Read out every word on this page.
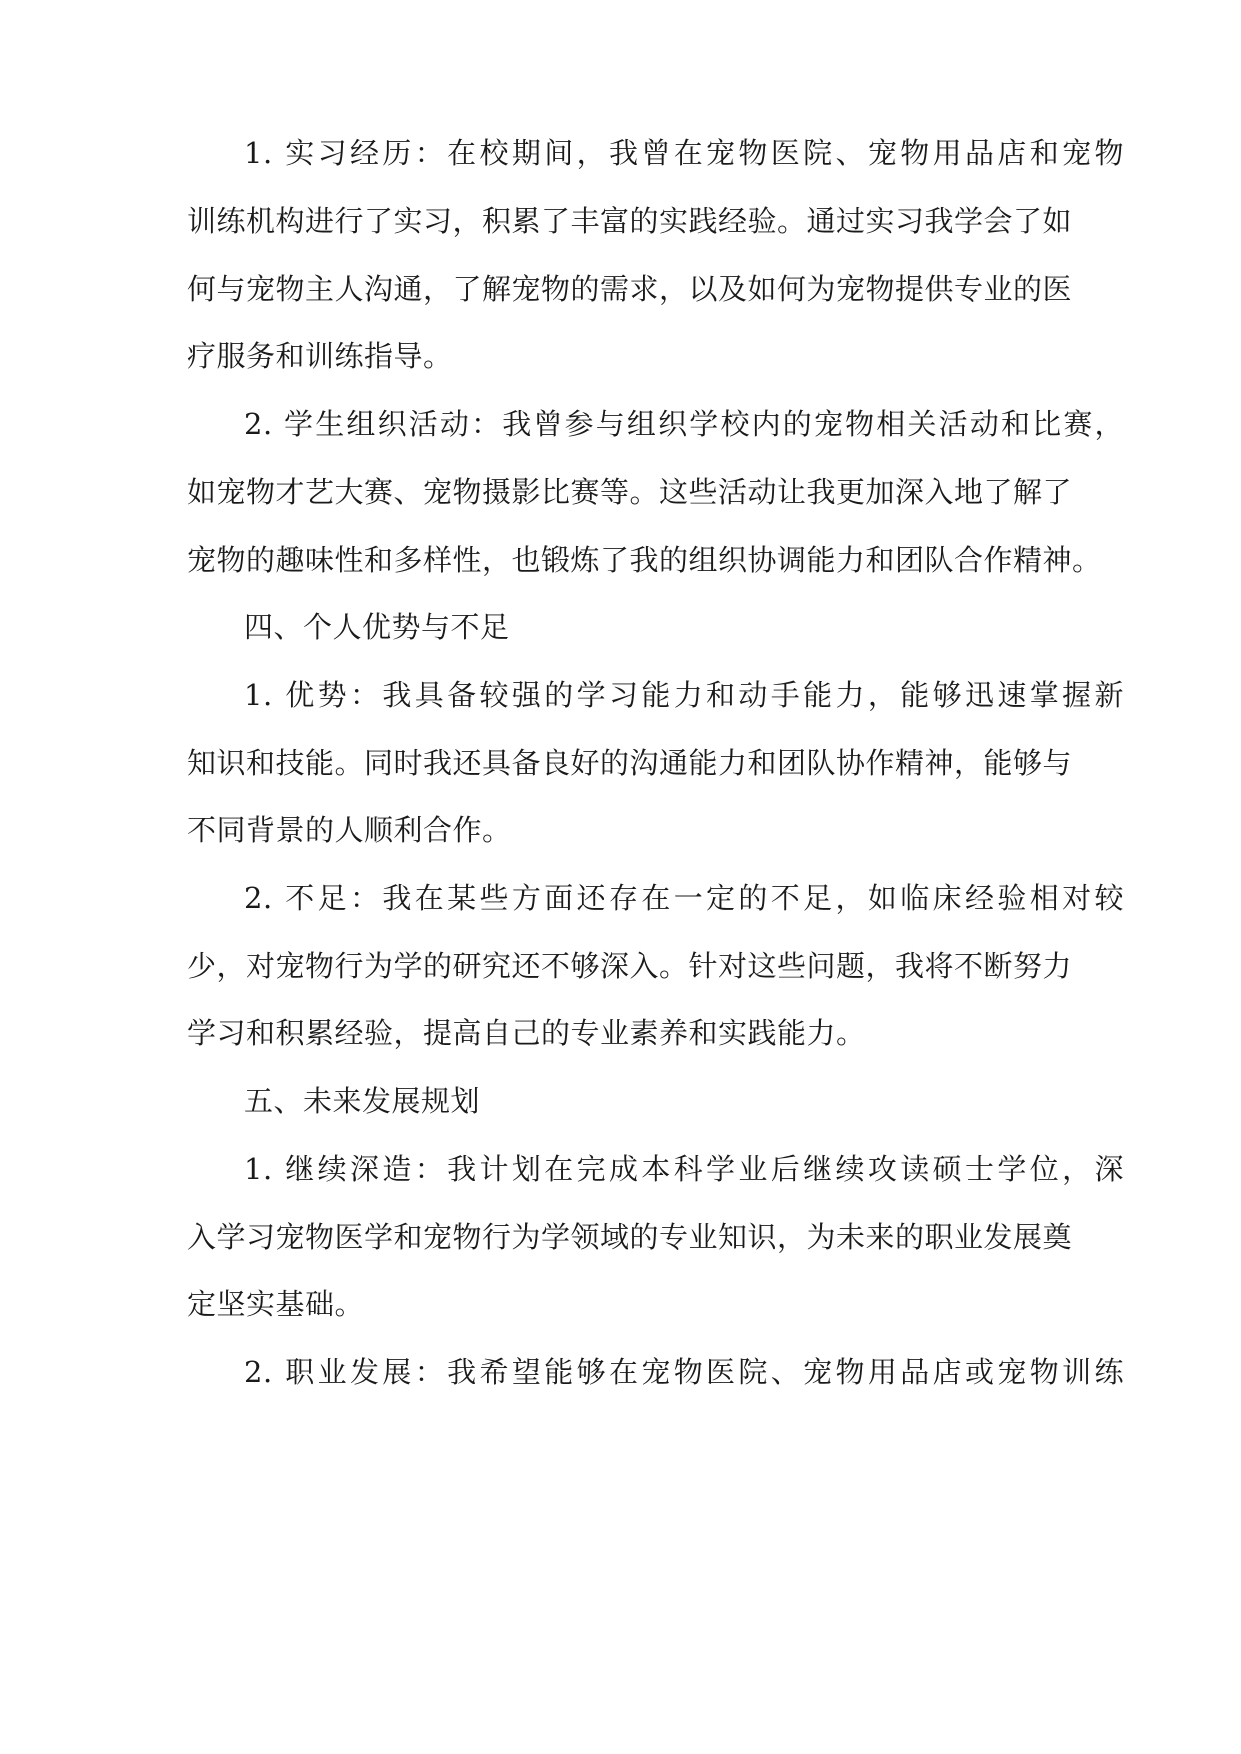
1. 实习经历：在校期间，我曾在宠物医院、宠物用品店和宠物
训练机构进行了实习，积累了丰富的实践经验。通过实习我学会了如
何与宠物主人沟通，了解宠物的需求，以及如何为宠物提供专业的医
疗服务和训练指导。
2. 学生组织活动：我曾参与组织学校内的宠物相关活动和比赛，
如宠物才艺大赛、宠物摄影比赛等。这些活动让我更加深入地了解了
宠物的趣味性和多样性，也锻炼了我的组织协调能力和团队合作精神。
四、个人优势与不足
1. 优势：我具备较强的学习能力和动手能力，能够迅速掌握新
知识和技能。同时我还具备良好的沟通能力和团队协作精神，能够与
不同背景的人顺利合作。
2. 不足：我在某些方面还存在一定的不足，如临床经验相对较
少，对宠物行为学的研究还不够深入。针对这些问题，我将不断努力
学习和积累经验，提高自己的专业素养和实践能力。
五、未来发展规划
1. 继续深造：我计划在完成本科学业后继续攻读硕士学位，深
入学习宠物医学和宠物行为学领域的专业知识，为未来的职业发展奠
定坚实基础。
2. 职业发展：我希望能够在宠物医院、宠物用品店或宠物训练
